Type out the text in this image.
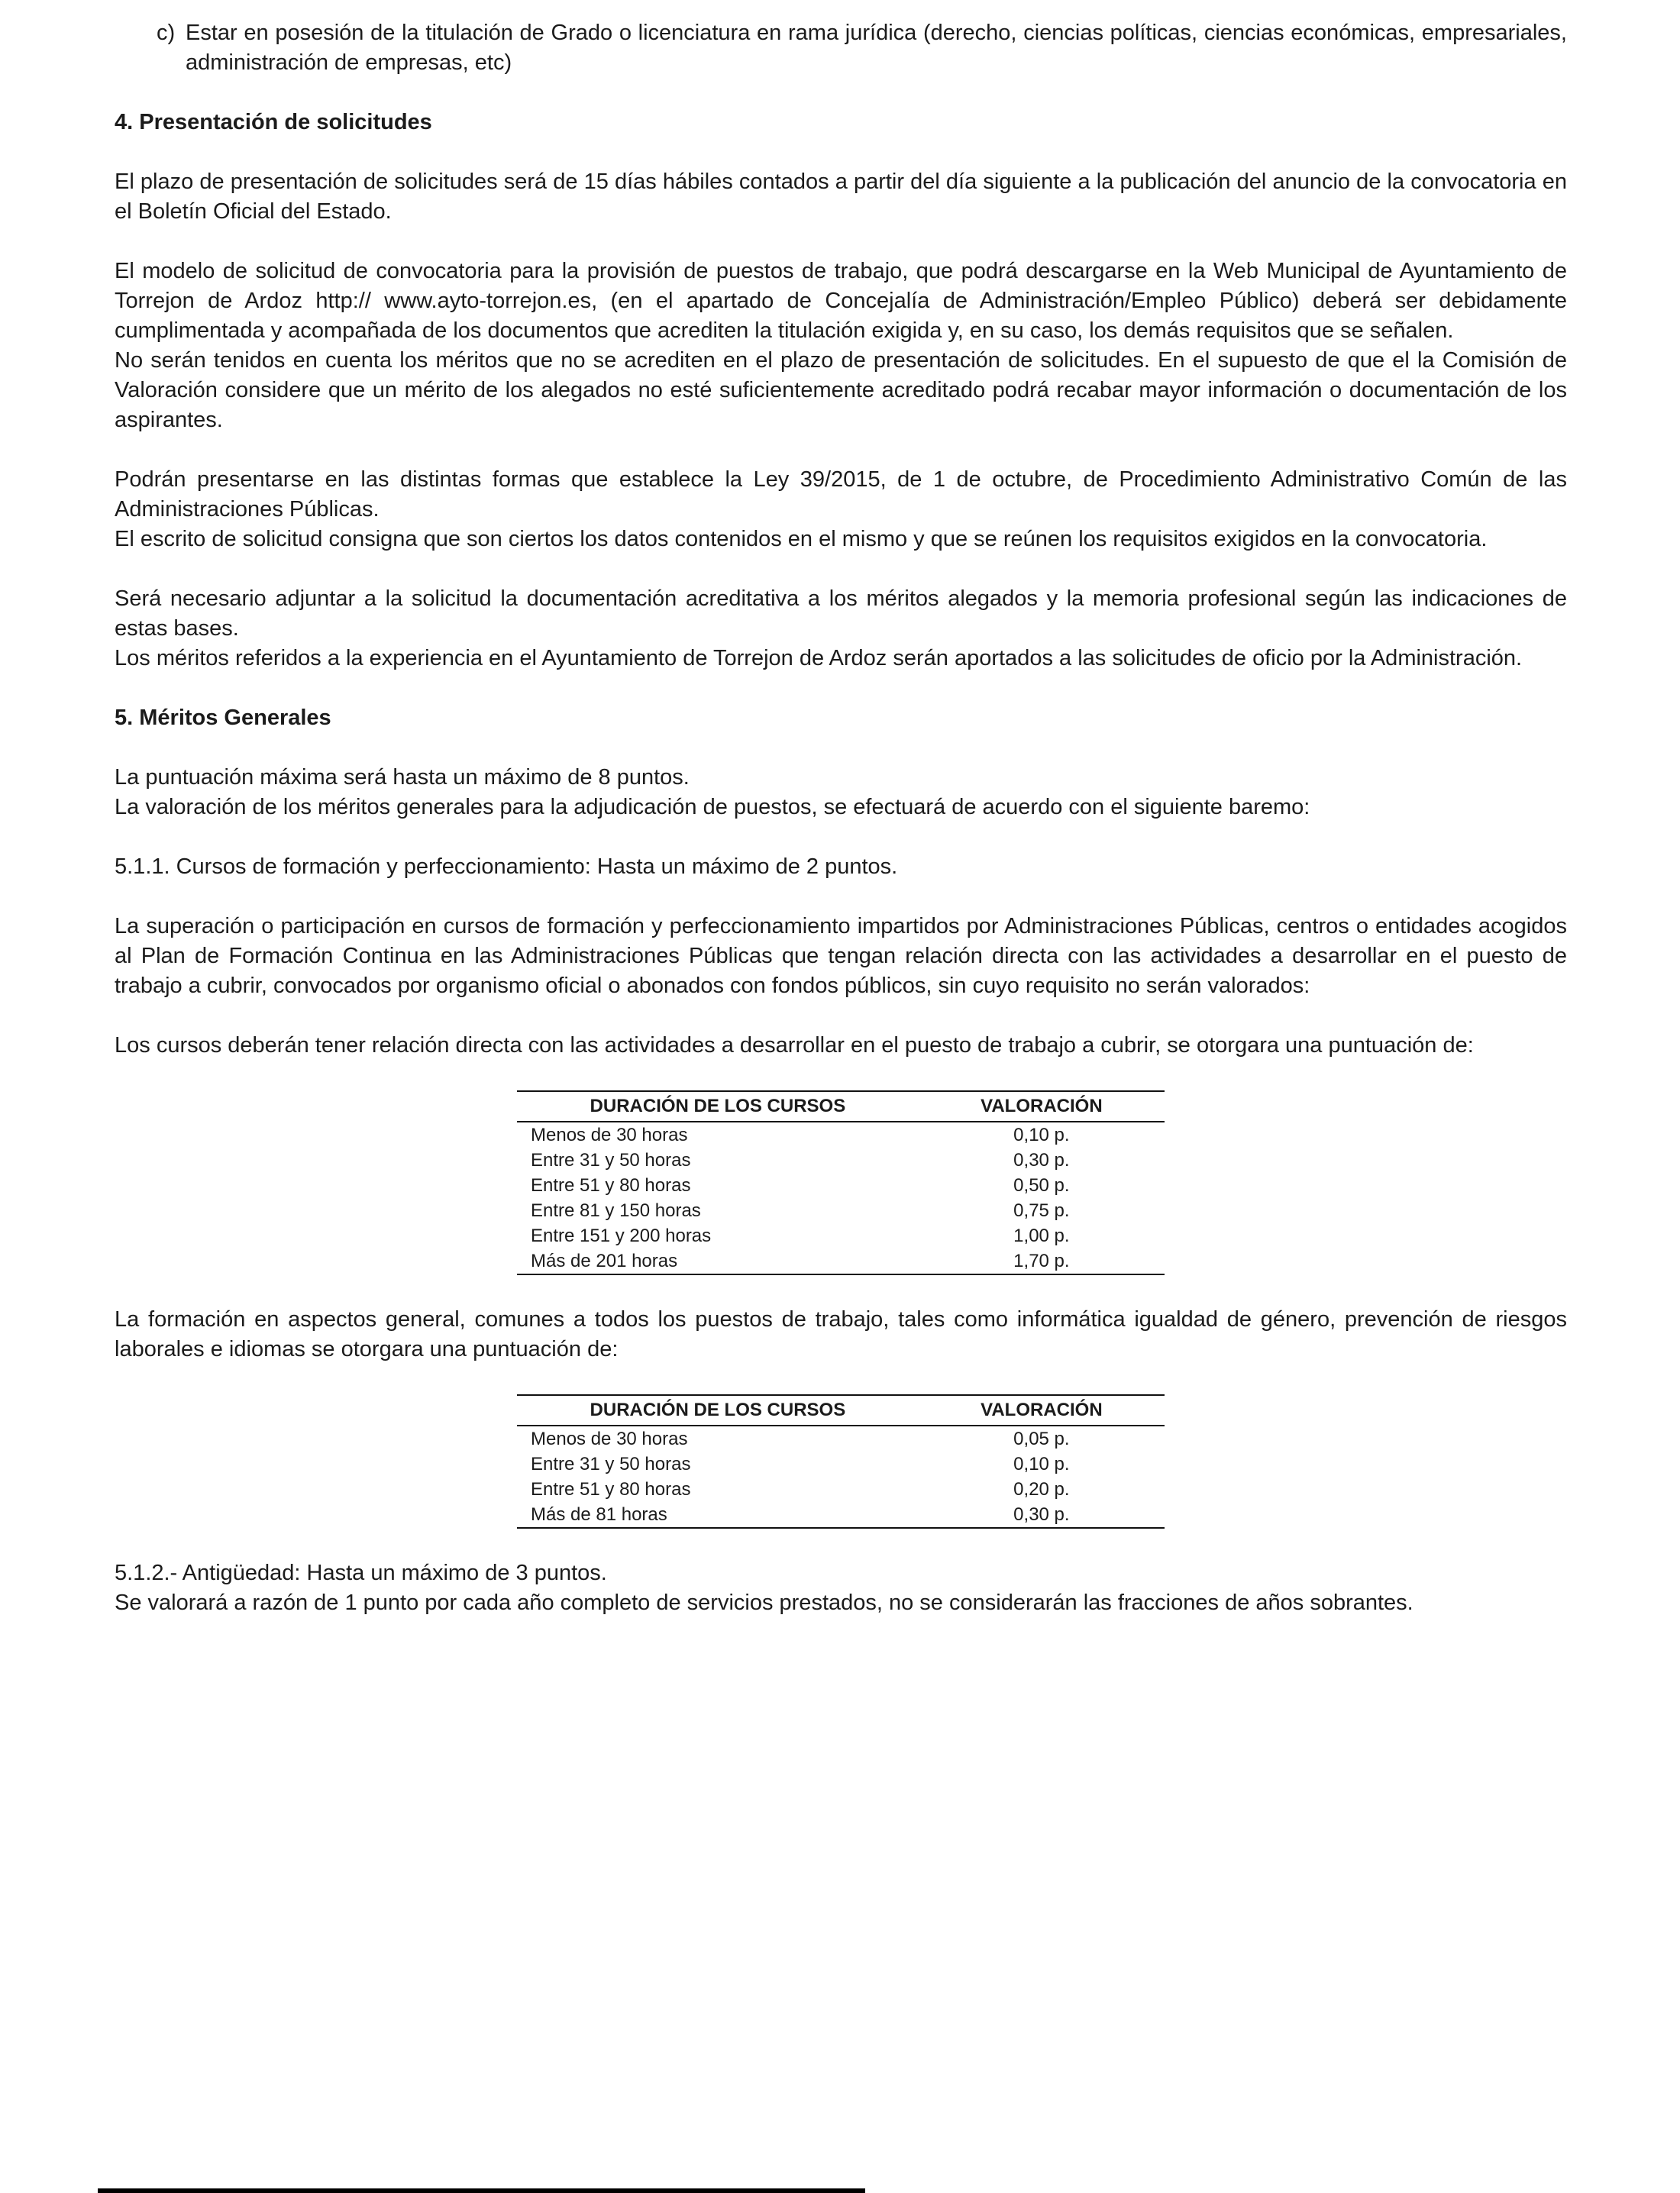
c) Estar en posesión de la titulación de Grado o licenciatura en rama jurídica (derecho, ciencias políticas, ciencias económicas, empresariales, administración de empresas, etc)
4. Presentación de solicitudes

El plazo de presentación de solicitudes será de 15 días hábiles contados a partir del día siguiente a la publicación del anuncio de la convocatoria en el Boletín Oficial del Estado.

El modelo de solicitud de convocatoria para la provisión de puestos de trabajo, que podrá descargarse en la Web Municipal de Ayuntamiento de Torrejon de Ardoz http:// www.ayto-torrejon.es, (en el apartado de Concejalía de Administración/Empleo Público) deberá ser debidamente cumplimentada y acompañada de los documentos que acrediten la titulación exigida y, en su caso, los demás requisitos que se señalen.

No serán tenidos en cuenta los méritos que no se acrediten en el plazo de presentación de solicitudes. En el supuesto de que el la Comisión de Valoración considere que un mérito de los alegados no esté suficientemente acreditado podrá recabar mayor información o documentación de los aspirantes.

Podrán presentarse en las distintas formas que establece la Ley 39/2015, de 1 de octubre, de Procedimiento Administrativo Común de las Administraciones Públicas.

El escrito de solicitud consigna que son ciertos los datos contenidos en el mismo y que se reúnen los requisitos exigidos en la convocatoria.

Será necesario adjuntar a la solicitud la documentación acreditativa a los méritos alegados y la memoria profesional según las indicaciones de estas bases.

Los méritos referidos a la experiencia en el Ayuntamiento de Torrejon de Ardoz serán aportados a las solicitudes de oficio por la Administración.

5. Méritos Generales

La puntuación máxima será hasta un máximo de 8 puntos.

La valoración de los méritos generales para la adjudicación de puestos, se efectuará de acuerdo con el siguiente baremo:

5.1.1. Cursos de formación y perfeccionamiento: Hasta un máximo de 2 puntos.

La superación o participación en cursos de formación y perfeccionamiento impartidos por Administraciones Públicas, centros o entidades acogidos al Plan de Formación Continua en las Administraciones Públicas que tengan relación directa con las actividades a desarrollar en el puesto de trabajo a cubrir, convocados por organismo oficial o abonados con fondos públicos, sin cuyo requisito no serán valorados:

Los cursos deberán tener relación directa con las actividades a desarrollar en el puesto de trabajo a cubrir, se otorgara una puntuación de:

DURACIÓN DE LOS CURSOS	VALORACIÓN
Menos de 30 horas	0,10 p.
Entre 31 y 50 horas	0,30 p.
Entre 51 y 80 horas	0,50 p.
Entre 81 y 150 horas	0,75 p.
Entre 151 y 200 horas	1,00 p.
Más de 201 horas	1,70 p.

La formación en aspectos general, comunes a todos los puestos de trabajo, tales como informática igualdad de género, prevención de riesgos laborales e idiomas se otorgara una puntuación de:

DURACIÓN DE LOS CURSOS	VALORACIÓN
Menos de 30 horas	0,05 p.
Entre 31 y 50 horas	0,10 p.
Entre 51 y 80 horas	0,20 p.
Más de 81 horas	0,30 p.

5.1.2.- Antigüedad: Hasta un máximo de 3 puntos.

Se valorará a razón de 1 punto por cada año completo de servicios prestados, no se considerarán las fracciones de años sobrantes.
